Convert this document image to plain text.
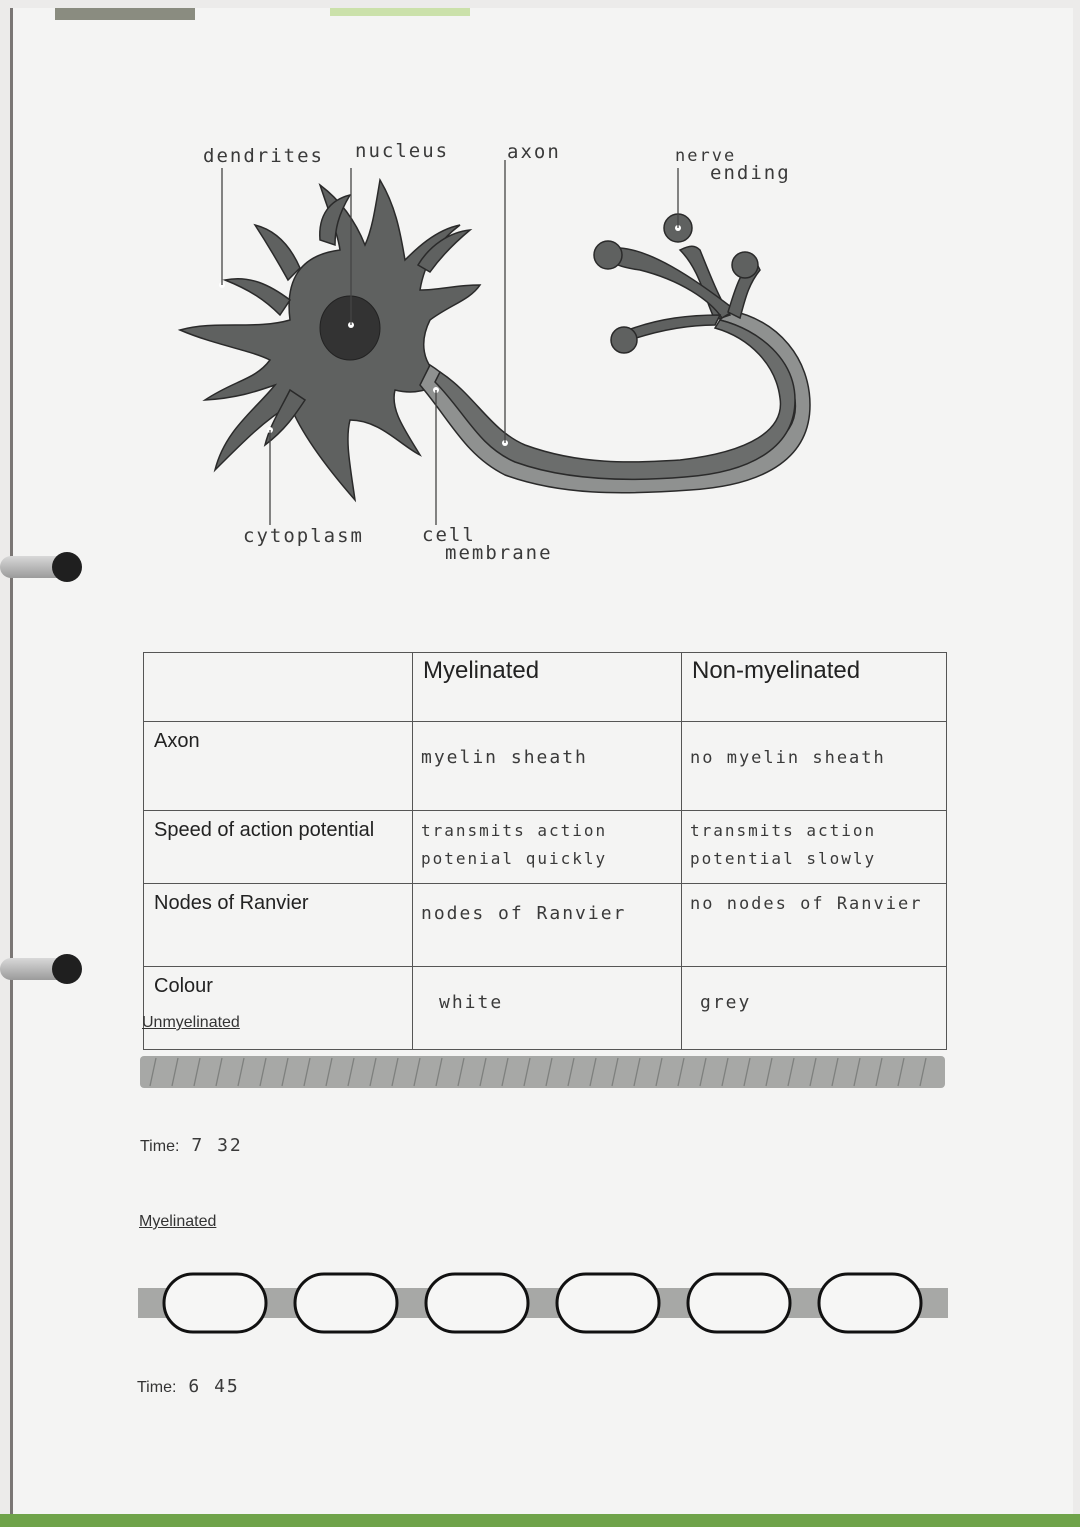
dendrites nucleus	axon	nerve
ending
cytoplasm	cell
membrane
	Myelinated	Non-myelinated
Axon	myelin sheath	no myelin sheath
Speed of action potential	transmits action potenial quickly	transmits action potential slowly
Nodes of Ranvier	nodes of Ranvier	no nodes of Ranvier
Colour	white	grey
Unmyelinated
Time: 7 32
Myelinated
Time: 6 45
